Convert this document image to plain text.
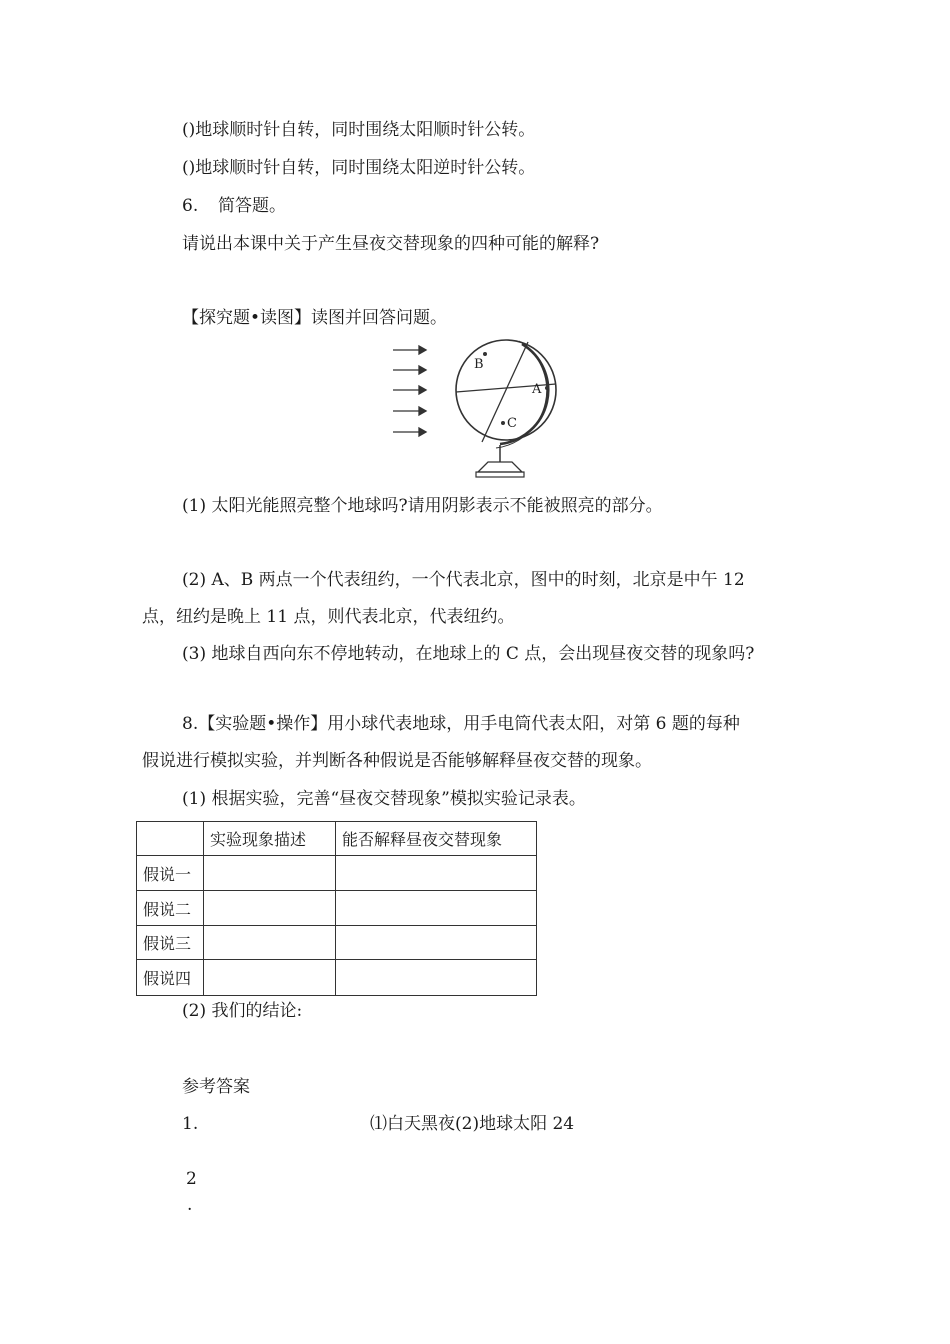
()地球顺时针自转，同时围绕太阳顺时针公转。
()地球顺时针自转，同时围绕太阳逆时针公转。
6. 简答题。
请说出本课中关于产生昼夜交替现象的四种可能的解释?
【探究题•读图】读图并回答问题。
B
A
C
(1) 太阳光能照亮整个地球吗?请用阴影表示不能被照亮的部分。
(2) A、B 两点一个代表纽约，一个代表北京，图中的时刻，北京是中午 12
点，纽约是晚上 11 点，则代表北京，代表纽约。
(3) 地球自西向东不停地转动，在地球上的 C 点，会出现昼夜交替的现象吗?
8.【实验题•操作】用小球代表地球，用手电筒代表太阳，对第 6 题的每种
假说进行模拟实验，并判断各种假说是否能够解释昼夜交替的现象。
(1) 根据实验，完善“昼夜交替现象”模拟实验记录表。
	实验现象描述	能否解释昼夜交替现象
假说一		
假说二		
假说三		
假说四		
(2) 我们的结论:
参考答案
1.	⑴白天黑夜(2)地球太阳 24
2
.
